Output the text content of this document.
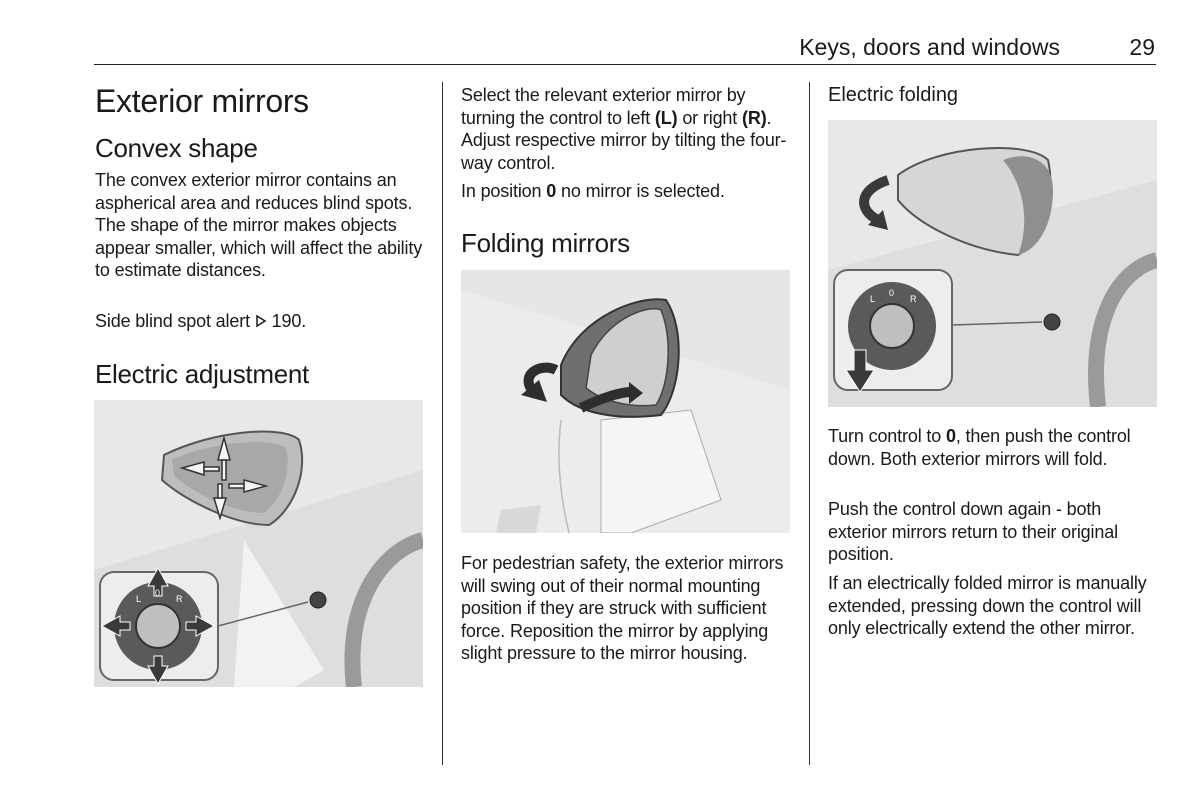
Keys, doors and windows	29
Exterior mirrors
Convex shape

The convex exterior mirror contains an aspherical area and reduces blind spots. The shape of the mirror makes objects appear smaller, which will affect the ability to estimate distances.

Side blind spot alert 190.

Electric adjustment
L
0
R

Select the relevant exterior mirror by turning the control to left (L) or right (R). Adjust respective mirror by tilting the four-way control.

In position 0 no mirror is selected.

Folding mirrors

For pedestrian safety, the exterior mirrors will swing out of their normal mounting position if they are struck with sufficient force. Reposition the mirror by applying slight pressure to the mirror housing.

Electric folding

Turn control to 0, then push the control down. Both exterior mirrors will fold.

Push the control down again - both exterior mirrors return to their original position.

If an electrically folded mirror is manually extended, pressing down the control will only electrically extend the other mirror.

L
0
R
